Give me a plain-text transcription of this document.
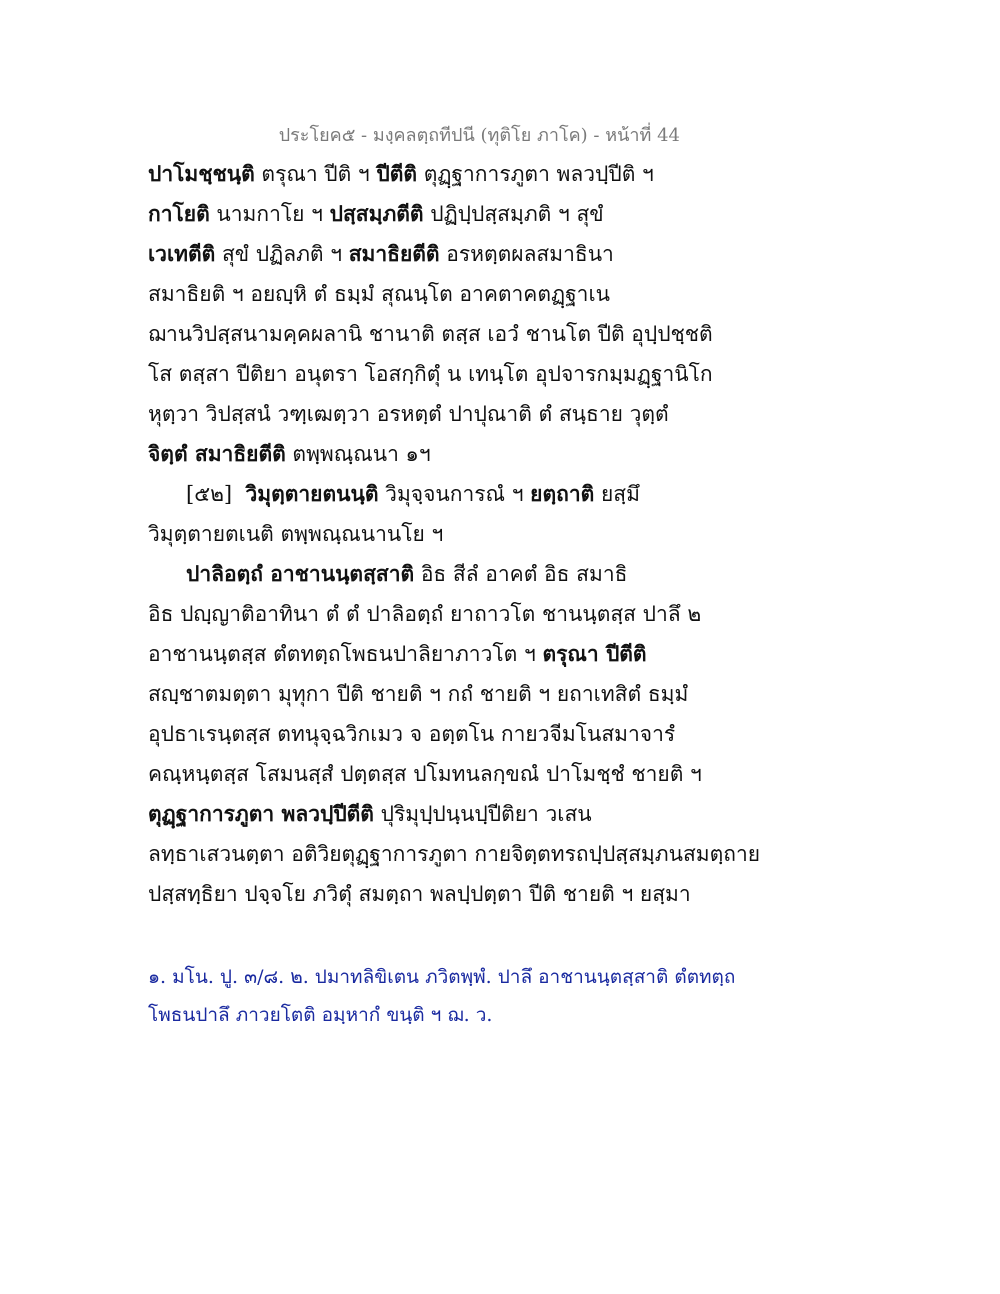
ประโยค๕ - มงฺคลตฺถทีปนี (ทุติโย ภาโค) - หน้าที่ 44
ปาโมชฺชนฺติ ตรุณา ปีติ ฯ ปีตีติ ตุฏฺฐาการภูตา พลวปฺปีติ ฯ
กาโยติ นามกาโย ฯ ปสฺสมฺภตีติ ปฏิปฺปสฺสมฺภติ ฯ สุขํ
เวเทตีติ สุขํ ปฏิลภติ ฯ สมาธิยตีติ อรหตฺตผลสมาธินา
สมาธิยติ ฯ อยญฺหิ ตํ ธมฺมํ สุณนฺโต อาคตาคตฏฺฐาเน
ฌานวิปสฺสนามคฺคผลานิ ชานาติ ตสฺส เอวํ ชานโต ปีติ อุปฺปชฺชติ
โส ตสฺสา ปีติยา อนุตรา โอสกฺกิตุํ น เทนฺโต อุปจารกมฺมฏฺฐานิโก
หุตฺวา วิปสฺสนํ วฑฺเฒตฺวา อรหตฺตํ ปาปุณาติ ตํ สนฺธาย วุตฺตํ
จิตฺตํ สมาธิยตีติ ตพฺพณฺณนา ๑ฯ
[๕๒] วิมุตฺตายตนนฺติ วิมุจฺจนการณํ ฯ ยตฺถาติ ยสฺมึ
วิมุตฺตายตเนติ ตพฺพณฺณนานโย ฯ
ปาลิอตฺถํ อาชานนฺตสฺสาติ อิธ สีลํ อาคตํ อิธ สมาธิ
อิธ ปญฺญาติอาทินา ตํ ตํ ปาลิอตฺถํ ยาถาวโต ชานนฺตสฺส ปาลึ ๒
อาชานนฺตสฺส ตํตทตฺถโพธนปาลิยาภาวโต ฯ ตรุณา ปีตีติ
สญฺชาตมตฺตา มุทุกา ปีติ ชายติ ฯ กถํ ชายติ ฯ ยถาเทสิตํ ธมฺมํ
อุปธาเรนฺตสฺส ตทนุจฺฉวิกเมว จ อตฺตโน กายวจีมโนสมาจารํ
คณฺหนฺตสฺส โสมนสฺสํ ปตฺตสฺส ปโมทนลกฺขณํ ปาโมชฺชํ ชายติ ฯ
ตุฏฺฐาการภูตา พลวปฺปีตีติ ปุริมุปฺปนฺนปฺปีติยา วเสน
ลทฺธาเสวนตฺตา อติวิยตุฏฺฐาการภูตา กายจิตฺตทรถปฺปสฺสมฺภนสมตฺถาย
ปสฺสทฺธิยา ปจฺจโย ภวิตุํ สมตฺถา พลปฺปตฺตา ปีติ ชายติ ฯ ยสฺมา
๑. มโน. ปู. ๓/๘. ๒. ปมาทลิขิเตน ภวิตพฺพํ. ปาลึ อาชานนฺตสฺสาติ ตํตทตฺถ
โพธนปาลึ ภาวยโตติ อมฺหากํ ขนฺติ ฯ ฌ. ว.
